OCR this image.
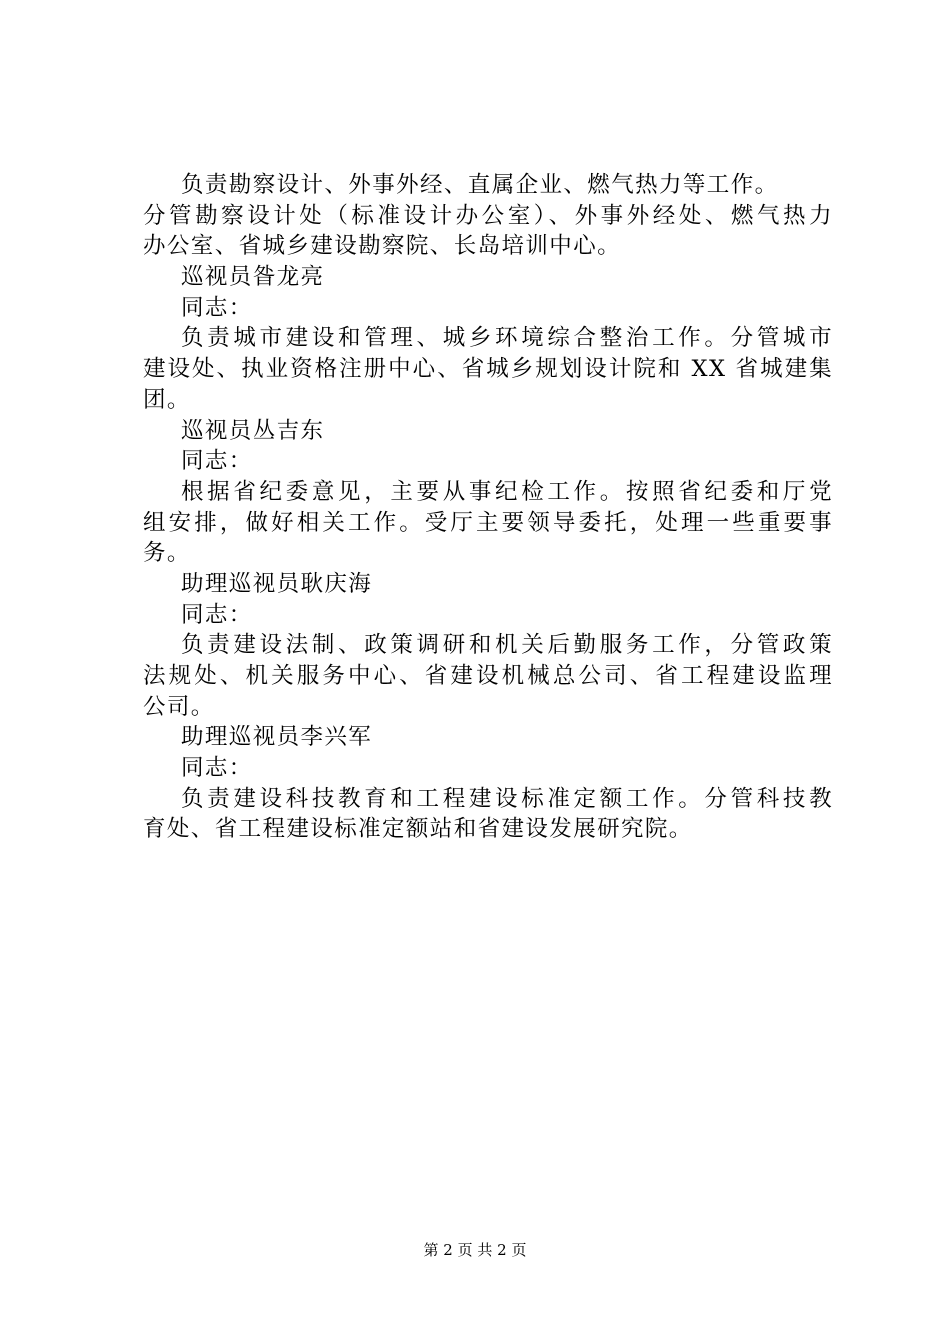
负责勘察设计、外事外经、直属企业、燃气热力等工作。
分管勘察设计处（标准设计办公室）、外事外经处、燃气热力
办公室、省城乡建设勘察院、长岛培训中心。
巡视员昝龙亮
同志：
负责城市建设和管理、城乡环境综合整治工作。分管城市
建设处、执业资格注册中心、省城乡规划设计院和 XX 省城建集
团。
巡视员丛吉东
同志：
根据省纪委意见，主要从事纪检工作。按照省纪委和厅党
组安排，做好相关工作。受厅主要领导委托，处理一些重要事
务。
助理巡视员耿庆海
同志：
负责建设法制、政策调研和机关后勤服务工作，分管政策
法规处、机关服务中心、省建设机械总公司、省工程建设监理
公司。
助理巡视员李兴军
同志：
负责建设科技教育和工程建设标准定额工作。分管科技教
育处、省工程建设标准定额站和省建设发展研究院。
第 2 页 共 2 页
